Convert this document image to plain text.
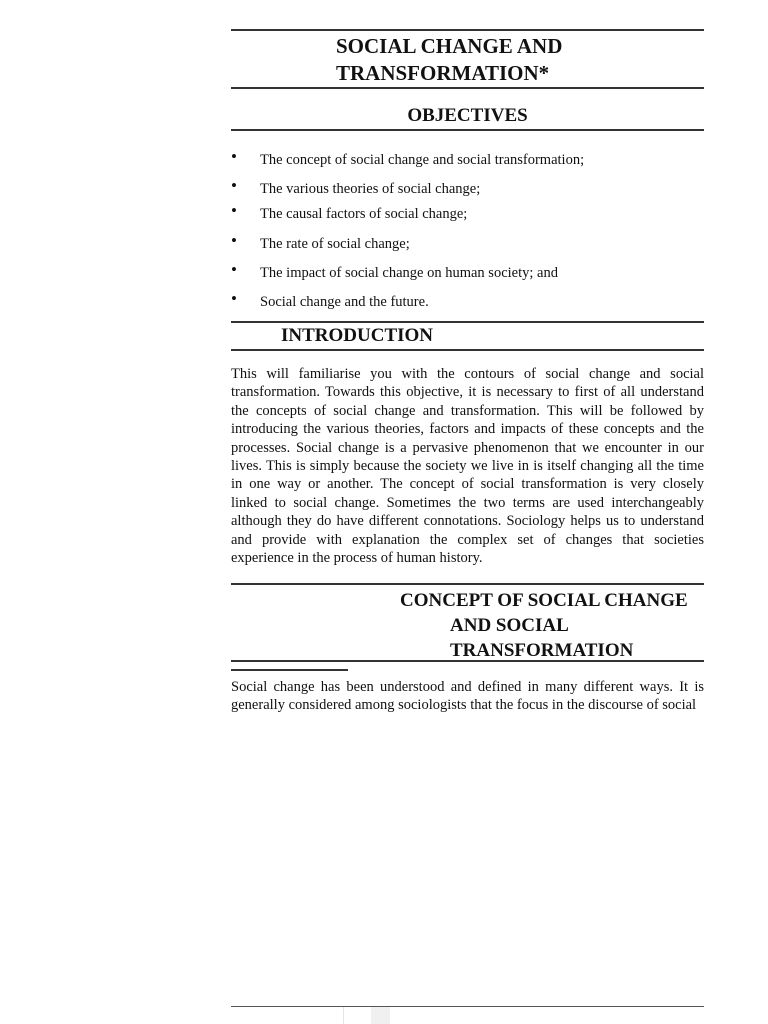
SOCIAL CHANGE AND
TRANSFORMATION*
OBJECTIVES
• The concept of social change and social transformation;
• The various theories of social change;
• The causal factors of social change;
• The rate of social change;
• The impact of social change on human society; and
• Social change and the future.
INTRODUCTION

This will familiarise you with the contours of social change and social transformation. Towards this objective, it is necessary to first of all understand the concepts of social change and transformation. This will be followed by introducing the various theories, factors and impacts of these concepts and the processes. Social change is a pervasive phenomenon that we encounter in our lives. This is simply because the society we live in is itself changing all the time in one way or another. The concept of social transformation is very closely linked to social change. Sometimes the two terms are used interchangeably although they do have different connotations. Sociology helps us to understand and provide with explanation the complex set of changes that societies experience in the process of human history.

CONCEPT OF SOCIAL CHANGE
AND SOCIAL
TRANSFORMATION

Social change has been understood and defined in many different ways. It is generally considered among sociologists that the focus in the discourse of social
